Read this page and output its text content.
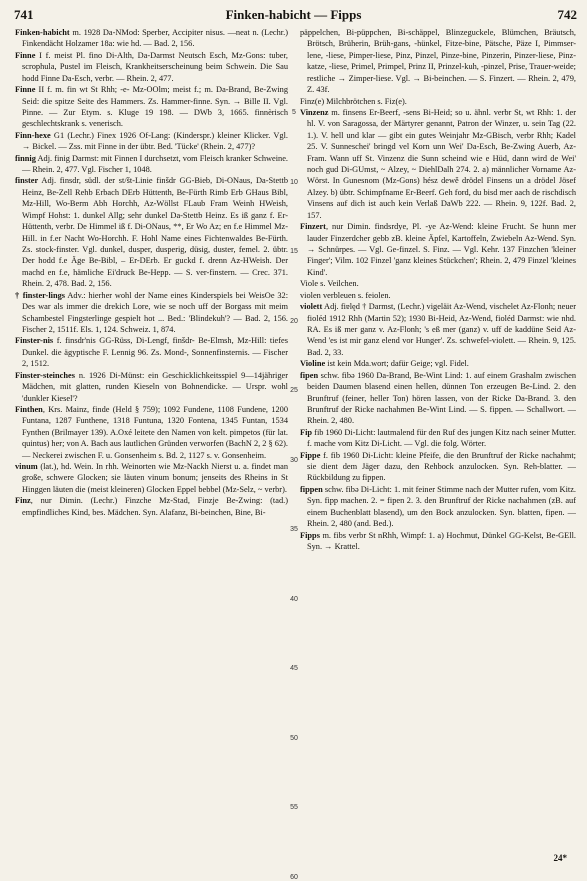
741	Finken-habicht — Fipps	742

Finken-habicht m. 1928 Da-NMod: Sperber, Accipiter nisus. —neat n. (Lechr.) Finkendächt Holzamer 18a: wie hd. — Bad. 2, 156.

Finne I f. meist Pl. fino Di-Alth, Da-Darmst Neutsch Esch, Mz-Gons: tuber, scrophula, Pustel im Fleisch, Krankheitserscheinung beim Schwein. Die Sau hodd Finne Da-Esch, verbr. — Rhein. 2, 477.

Finne II f. m. fin wt St Rhh; -e- Mz-OOlm; meist f.; m. Da-Brand, Be-Zwing Seid: die spitze Seite des Hammers. Zs. Hammer-finne. Syn. → Bille II. Vgl. Pinne. — Zur Etym. s. Kluge 19 198. — DWb 3, 1665. finnèrisch geschlechtskrank s. venerisch.

Finn-hexe G1 (Lechr.) Finex 1926 Of-Lang: (Kinderspr.) kleiner Klicker. Vgl. → Bickel. — Zss. mit Finne in der übtr. Bed. 'Tücke' (Rhein. 2, 477)?

finnig Adj. finig Darmst: mit Finnen I durchsetzt, vom Fleisch kranker Schweine. — Rhein. 2, 477. Vgl. Fischer 1, 1048.

finster Adj. finsdr, südl. der st/št-Linie finšdr GG-Bieb, Di-ONaus, Da-Stettb Heinz, Be-Zell Rehb Erbach DErb Hüttenth, Be-Fürth Rimb Erb GHaus Bibl, Mz-Hill, Wo-Berm Abh Horchh, Az-Wöllst FLaub Fram Weinh HWeish, Wimpf Hohst: 1. dunkel Allg; sehr dunkel Da-Stettb Heinz. Es iß ganz f. Er-Hüttenth, verbr. De Himmel iß f. Di-ONaus, **, Er Wo Az; en f.e Himmel Mz-Hill. in f.er Nacht Wo-Horchh. F. Hohl Name eines Fichtenwaldes Be-Fürth. Zs. stock-finster. Vgl. dunkel, dusper, dusperig, düsig, duster, femel. 2. übtr. Der hodd f.e Äge Be-Bibl, – Er-DErb. Er guckd f. drenn Az-HWeish. Der machd en f.e, hämliche Ei'druck Be-Hepp. — S. ver-finstern. — Crec. 371. Rhein. 2, 478. Bad. 2, 156.

† finster-lings Adv.: hierher wohl der Name eines Kinderspiels bei WeisOe 32: Des war als immer die drekich Lore, wie se noch uff der Borgass mit meim Schambestel Fingsterlinge gespielt hot ... Bed.: 'Blindekuh'? — Bad. 2, 156. Fischer 2, 1511f. Els. 1, 124. Schweiz. 1, 874.

Finster-nis f. finsdr'nis GG-Rüss, Di-Lengf, finšdr- Be-Elmsh, Mz-Hill: tiefes Dunkel. die ägyptische F. Lennig 96. Zs. Mond-, Sonnenfinsternis. — Fischer 2, 1512.

Finster-steinches n. 1926 Di-Münst: ein Geschicklichkeitsspiel 9—14jähriger Mädchen, mit glatten, runden Kieseln von Bohnendicke. — Urspr. wohl 'dunkler Kiesel'?

Finthen, Krs. Mainz, finde (Held § 759); 1092 Fundene, 1108 Fundene, 1200 Funtana, 1287 Funthene, 1318 Funtuna, 1320 Fontena, 1345 Funtan, 1534 Fynthen (Brilmayer 139). A.Oxé leitete den Namen von kelt. pimpetos (für lat. quintus) her; von A. Bach aus lautlichen Gründen verworfen (BachN 2, 2 § 62). — Neckerei zwischen F. u. Gonsenheim s. Bd. 2, 1127 s. v. Gonsenheim.

vinum (lat.), hd. Wein. In rhh. Weinorten wie Mz-Nackh Nierst u. a. findet man große, schwere Glocken; sie läuten vinum bonum; jenseits des Rheins in St Hinggen läuten die (meist kleineren) Glocken Eppel bebbel (Mz-Selz, ~ verbr).

Finz, nur Dimin. (Lechr.) Finzche Mz-Stad, Finzje Be-Zwing: (tad.) empfindliches Kind, bes. Mädchen. Syn. Alafanz, Bi-beinchen, Bine, Bi-

5
10
15
20
25
30
35
40
45
50
55
60

päppelchen, Bi-püppchen, Bi-schäppel, Blinzeguckele, Blümchen, Bräutsch, Brötsch, Brüherin, Brüh-gans, -hünkel, Fitze-bine, Pätsche, Päze I, Pimmser-lene, -liese, Pimper-liese, Pinz, Pinzel, Pinze-bine, Pinzerin, Pinzer-liese, Pinz-katze, -liese, Primel, Primpel, Prinz II, Prinzel-kuh, -pinzel, Prise, Trauer-weide; restliche → Zimper-liese. Vgl. → Bi-beinchen. — S. Finzert. — Rhein. 2, 479, Z. 43f.

Finz(e) Milchbrötchen s. Fiz(e).

Vinzenz m. finsens Er-Beerf, -sens Bi-Heid; so u. ähnl. verbr St, wt Rhh: 1. der hl. V. von Saragossa, der Märtyrer genannt, Patron der Winzer, u. sein Tag (22. 1.). V. hell und klar — gibt ein gutes Weinjahr Mz-GBisch, verbr Rhh; Kadel 25. V. Sunneschei' bringd vel Korn unn Wei' Da-Esch, Be-Zwing Auerb, Az-Fram. Wann uff St. Vinzenz die Sunn scheind wie e Hüd, dann wird de Wei' noch gud Di-GUmst, ~ Alzey, ~ DiehlDalh 274. 2. a) männlicher Vorname Az-Wörst. In Gunesnom (Mz-Gons) hész dewě drödel Finsens un a drödel Jösef Alzey. b) übtr. Schimpfname Er-Beerf. Geh ford, du bisd mer aach de rischdisch Vinsens auf dich ist auch kein Verlaß DaWb 222. — Rhein. 9, 122f. Bad. 2, 157.

Finzert, nur Dimin. findsrdye, Pl. -ye Az-Wend: kleine Frucht. Se hunn mer lauder Finzerdcher gebb zB. kleine Äpfel, Kartoffeln, Zwiebeln Az-Wend. Syn. → Schnürpes. — Vgl. Ge-finzel. S. Finz. — Vgl. Kehr. 137 Finzchen 'kleiner Finger'; Vilm. 102 Finzel 'ganz kleines Stückchen'; Rhein. 2, 479 Finzel 'kleines Kind'.

Viole s. Veilchen.

violen verbleuen s. feiolen.

violett Adj. fiɐlęd † Darmst, (Lechr.) vigeläit Az-Wend, vischelet Az-Flonh; neuer fioléd 1912 Rhh (Martin 52); 1930 Bi-Heid, Az-Wend, fioléd Darmst: wie nhd. RA. Es iß mer ganz v. Az-Flonh; 's eß mer (ganz) v. uff de kaddüne Seid Az-Wend 'es ist mir ganz elend vor Hunger'. Zs. schwefel-violett. — Rhein. 9, 125. Bad. 2, 33.

Violine ist kein Mda.wort; dafür Geige; vgl. Fidel.

fipen schw. fibə 1960 Da-Brand, Be-Wint Lind: 1. auf einem Grashalm zwischen beiden Daumen blasend einen hellen, dünnen Ton erzeugen Be-Lind. 2. den Brunftruf (feiner, heller Ton) hören lassen, von der Ricke Da-Brand. 3. den Brunftruf der Ricke nachahmen Be-Wint Lind. — S. fippen. — Schallwort. — Rhein. 2, 480.

Fip fib 1960 Di-Licht: lautmalend für den Ruf des jungen Kitz nach seiner Mutter. f. mache vom Kitz Di-Licht. — Vgl. die folg. Wörter.

Fippe f. fib 1960 Di-Licht: kleine Pfeife, die den Brunftruf der Ricke nachahmt; sie dient dem Jäger dazu, den Rehbock anzulocken. Syn. Reh-blatter. — Rückbildung zu fippen.

fippen schw. fibə Di-Licht: 1. mit feiner Stimme nach der Mutter rufen, vom Kitz. Syn. fipp machen. 2. = fipen 2. 3. den Brunftruf der Ricke nachahmen (zB. auf einem Buchenblatt blasend), um den Bock anzulocken. Syn. blatten, fipen. — Rhein. 2, 480 (and. Bed.).

Fipps m. fibs verbr St nRhh, Wimpf: 1. a) Hochmut, Dünkel GG-Kelst, Be-GEll. Syn. → Krattel.

24*
